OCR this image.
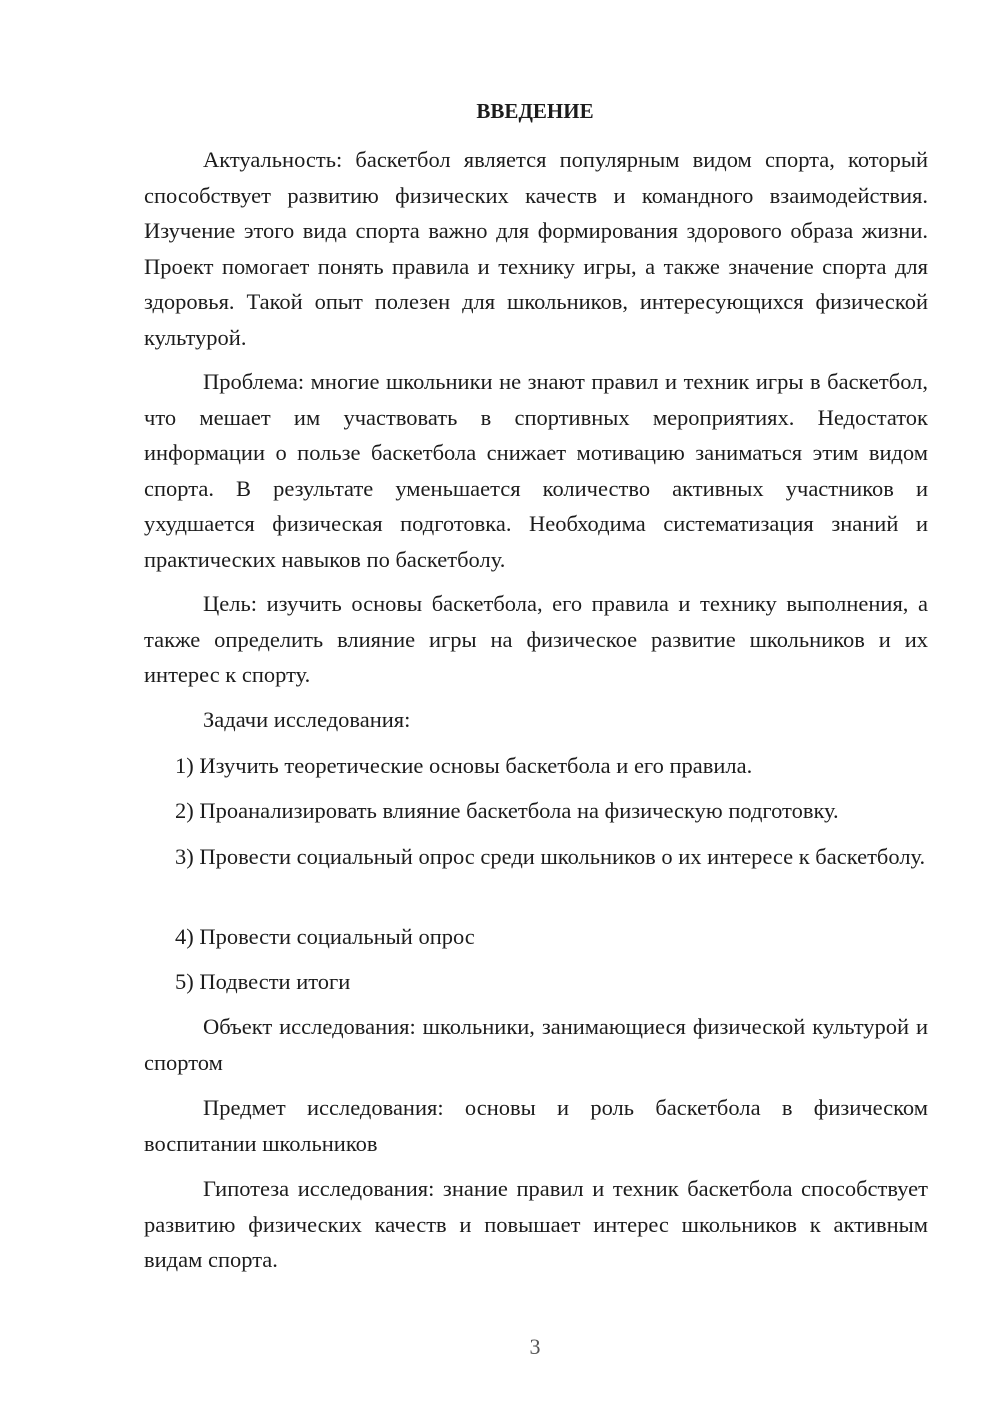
ВВЕДЕНИЕ

Актуальность: баскетбол является популярным видом спорта, который способствует развитию физических качеств и командного взаимодействия. Изучение этого вида спорта важно для формирования здорового образа жизни. Проект помогает понять правила и технику игры, а также значение спорта для здоровья. Такой опыт полезен для школьников, интересующихся физической культурой.

Проблема: многие школьники не знают правил и техник игры в баскетбол, что мешает им участвовать в спортивных мероприятиях. Недостаток информации о пользе баскетбола снижает мотивацию заниматься этим видом спорта. В результате уменьшается количество активных участников и ухудшается физическая подготовка. Необходима систематизация знаний и практических навыков по баскетболу.

Цель: изучить основы баскетбола, его правила и технику выполнения, а также определить влияние игры на физическое развитие школьников и их интерес к спорту.

Задачи исследования:

1) Изучить теоретические основы баскетбола и его правила.

2) Проанализировать влияние баскетбола на физическую подготовку.

3) Провести социальный опрос среди школьников о их интересе к баскетболу.

4) Провести социальный опрос

5) Подвести итоги

Объект исследования: школьники, занимающиеся физической культурой и спортом

Предмет исследования: основы и роль баскетбола в физическом воспитании школьников

Гипотеза исследования: знание правил и техник баскетбола способствует развитию физических качеств и повышает интерес школьников к активным видам спорта.

3
